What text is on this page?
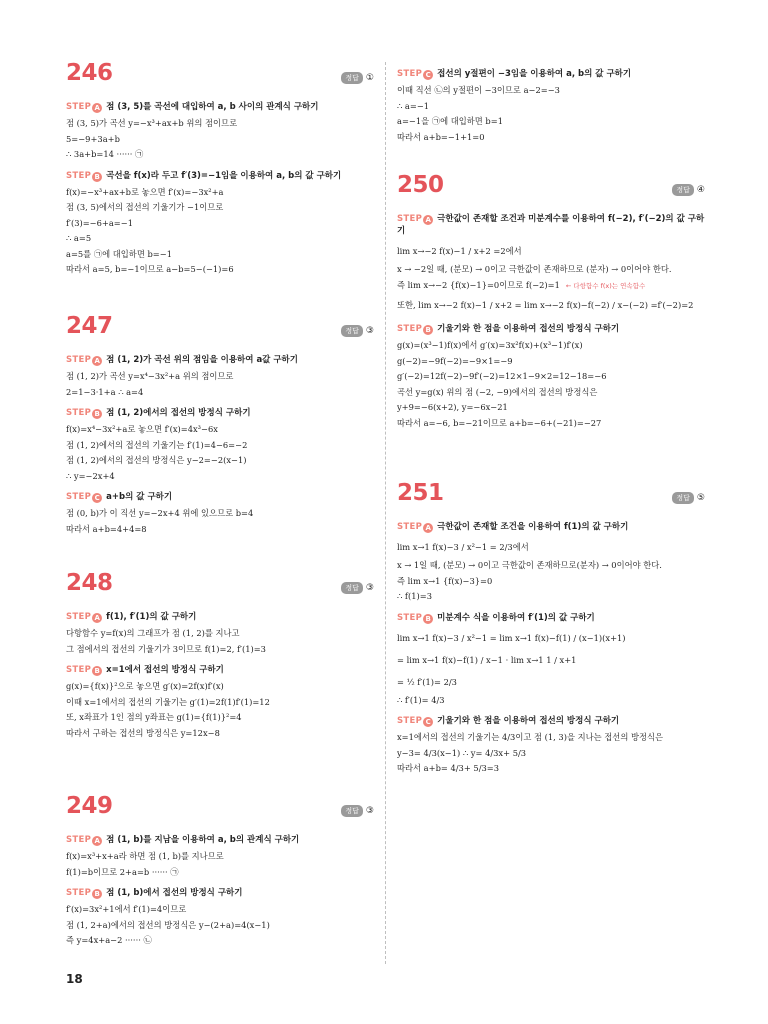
246	정답 ①
STEP A 점 (3, 5)를 곡선에 대입하여 a, b 사이의 관계식 구하기
점 (3, 5)가 곡선 y=−x³+ax+b 위의 점이므로
5=−9+3a+b
∴ 3a+b=14 ······ ㉠
STEP B 곡선을 f(x)라 두고 f′(3)=−1임을 이용하여 a, b의 값 구하기
f(x)=−x³+ax+b로 놓으면 f′(x)=−3x²+a
점 (3, 5)에서의 접선의 기울기가 −1이므로
f′(3)=−6+a=−1
∴ a=5
a=5를 ㉠에 대입하면 b=−1
따라서 a=5, b=−1이므로 a−b=5−(−1)=6
247	정답 ③
STEP A 점 (1, 2)가 곡선 위의 점임을 이용하여 a값 구하기
점 (1, 2)가 곡선 y=x⁴−3x²+a 위의 점이므로
2=1−3·1+a ∴ a=4
STEP B 점 (1, 2)에서의 접선의 방정식 구하기
f(x)=x⁴−3x²+a로 놓으면 f′(x)=4x³−6x
점 (1, 2)에서의 접선의 기울기는 f′(1)=4−6=−2
점 (1, 2)에서의 접선의 방정식은 y−2=−2(x−1)
∴ y=−2x+4
STEP C a+b의 값 구하기
점 (0, b)가 이 직선 y=−2x+4 위에 있으므로 b=4
따라서 a+b=4+4=8
248	정답 ③
STEP A f(1), f′(1)의 값 구하기
다항함수 y=f(x)의 그래프가 점 (1, 2)를 지나고
그 점에서의 접선의 기울기가 3이므로 f(1)=2, f′(1)=3
STEP B x=1에서 접선의 방정식 구하기
g(x)={f(x)}²으로 놓으면 g′(x)=2f(x)f′(x)
이때 x=1에서의 접선의 기울기는 g′(1)=2f(1)f′(1)=12
또, x좌표가 1인 점의 y좌표는 g(1)={f(1)}²=4
따라서 구하는 접선의 방정식은 y=12x−8
249	정답 ③
STEP A 점 (1, b)를 지남을 이용하여 a, b의 관계식 구하기
f(x)=x³+x+a라 하면 점 (1, b)를 지나므로
f(1)=b이므로 2+a=b ······ ㉠
STEP B 점 (1, b)에서 접선의 방정식 구하기
f′(x)=3x²+1에서 f′(1)=4이므로
점 (1, 2+a)에서의 접선의 방정식은 y−(2+a)=4(x−1)
즉 y=4x+a−2 ······ ㉡
STEP C 접선의 y절편이 −3임을 이용하여 a, b의 값 구하기
이때 직선 ㉡의 y절편이 −3이므로 a−2=−3
∴ a=−1
a=−1을 ㉠에 대입하면 b=1
따라서 a+b=−1+1=0
250	정답 ④
STEP A 극한값이 존재할 조건과 미분계수를 이용하여 f(−2), f′(−2)의 값 구하기
lim x→−2 f(x)−1 / x+2 =2에서
x → −2일 때, (분모) → 0이고 극한값이 존재하므로 (분자) → 0이어야 한다.
즉 lim x→−2 {f(x)−1}=0이므로 f(−2)=1 ← 다항함수 f(x)는 연속함수
또한, lim x→−2 f(x)−1 / x+2 = lim x→−2 f(x)−f(−2) / x−(−2) =f′(−2)=2
STEP B 기울기와 한 점을 이용하여 접선의 방정식 구하기
g(x)=(x³−1)f(x)에서 g′(x)=3x²f(x)+(x³−1)f′(x)
g(−2)=−9f(−2)=−9×1=−9
g′(−2)=12f(−2)−9f′(−2)=12×1−9×2=12−18=−6
곡선 y=g(x) 위의 점 (−2, −9)에서의 접선의 방정식은
y+9=−6(x+2), y=−6x−21
따라서 a=−6, b=−21이므로 a+b=−6+(−21)=−27
251	정답 ⑤
STEP A 극한값이 존재할 조건을 이용하여 f(1)의 값 구하기
lim x→1 f(x)−3 / x²−1 = 2/3에서
x → 1일 때, (분모) → 0이고 극한값이 존재하므로(분자) → 0이어야 한다.
즉 lim x→1 {f(x)−3}=0
∴ f(1)=3
STEP B 미분계수 식을 이용하여 f′(1)의 값 구하기
lim x→1 f(x)−3 / x²−1 = lim x→1 f(x)−f(1) / (x−1)(x+1)
= lim x→1 f(x)−f(1) / x−1 · lim x→1 1 / x+1
= ½ f′(1)= 2/3
∴ f′(1)= 4/3
STEP C 기울기와 한 점을 이용하여 접선의 방정식 구하기
x=1에서의 접선의 기울기는 4/3이고 점 (1, 3)을 지나는 접선의 방정식은
y−3= 4/3(x−1) ∴ y= 4/3x+ 5/3
따라서 a+b= 4/3+ 5/3=3
18
